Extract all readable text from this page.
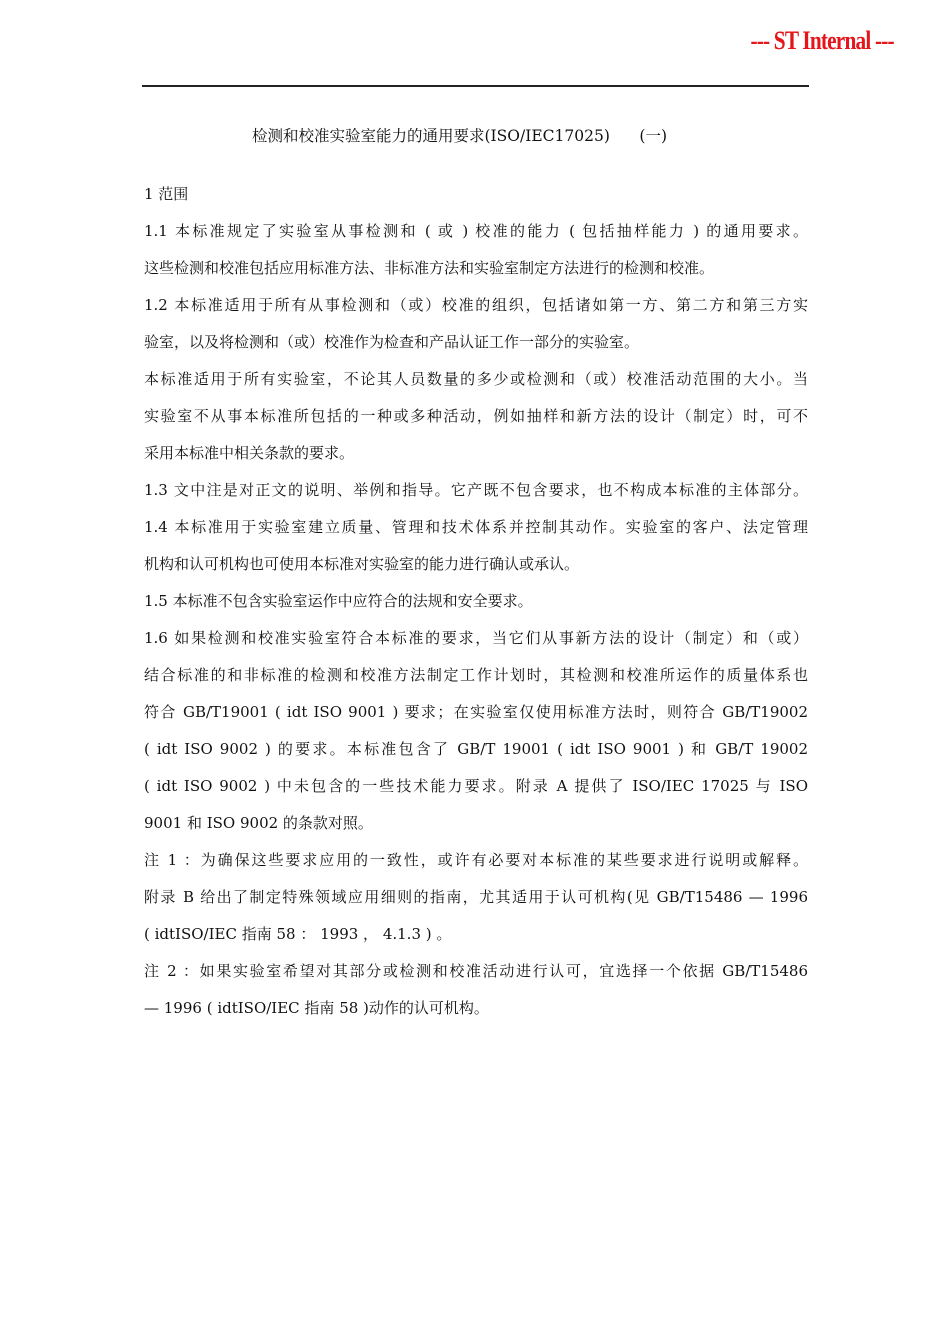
--- ST Internal ---
检测和校准实验室能力的通用要求(ISO/IEC17025)      (一)
1 范围
1.1 本标准规定了实验室从事检测和 ( 或 ) 校准的能力 ( 包括抽样能力 ) 的通用要求。
这些检测和校准包括应用标准方法、非标准方法和实验室制定方法进行的检测和校准。
1.2 本标准适用于所有从事检测和（或）校准的组织，包括诸如第一方、第二方和第三方实
验室，以及将检测和（或）校准作为检查和产品认证工作一部分的实验室。
本标准适用于所有实验室，不论其人员数量的多少或检测和（或）校准活动范围的大小。当
实验室不从事本标准所包括的一种或多种活动，例如抽样和新方法的设计（制定）时，可不
采用本标准中相关条款的要求。
1.3 文中注是对正文的说明、举例和指导。它产既不包含要求，也不构成本标准的主体部分。
1.4 本标准用于实验室建立质量、管理和技术体系并控制其动作。实验室的客户、法定管理
机构和认可机构也可使用本标准对实验室的能力进行确认或承认。
1.5 本标准不包含实验室运作中应符合的法规和安全要求。
1.6 如果检测和校准实验室符合本标准的要求，当它们从事新方法的设计（制定）和（或）
结合标准的和非标准的检测和校准方法制定工作计划时，其检测和校准所运作的质量体系也
符合 GB/T19001 ( idt ISO 9001 ) 要求；在实验室仅使用标准方法时，则符合 GB/T19002
( idt ISO 9002 ) 的要求。本标准包含了 GB/T 19001 ( idt ISO 9001 ) 和 GB/T 19002
( idt ISO 9002 ) 中未包含的一些技术能力要求。附录 A 提供了 ISO/IEC 17025 与 ISO
9001 和 ISO 9002 的条款对照。
注 1 ：为确保这些要求应用的一致性，或许有必要对本标准的某些要求进行说明或解释。
附录 B 给出了制定特殊领域应用细则的指南，尤其适用于认可机构(见 GB/T15486 — 1996
( idtISO/IEC 指南 58 ： 1993 ， 4.1.3 ) 。
注 2 ：如果实验室希望对其部分或检测和校准活动进行认可，宜选择一个依据 GB/T15486
— 1996 ( idtISO/IEC 指南 58 )动作的认可机构。
